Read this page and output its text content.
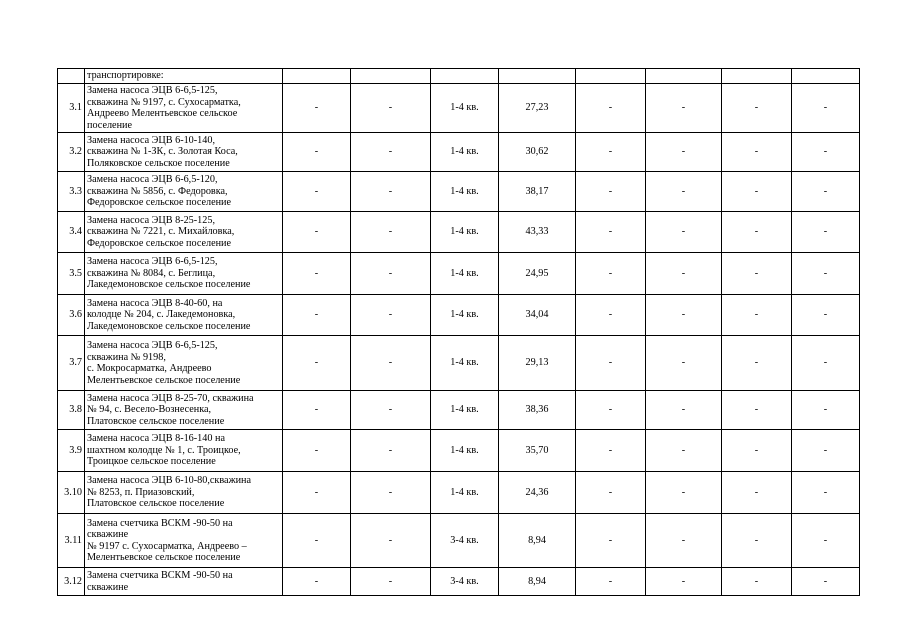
	транспортировке:								
3.1	Замена насоса ЭЦВ 6-6,5-125,
скважина № 9197, с. Сухосарматка,
Андреево Мелентьевское сельское
поселение	-	-	1-4 кв.	27,23	-	-	-	-
3.2	Замена насоса ЭЦВ 6-10-140,
скважина № 1-ЗК, с. Золотая Коса,
Поляковское сельское поселение	-	-	1-4 кв.	30,62	-	-	-	-
3.3	Замена насоса ЭЦВ 6-6,5-120,
скважина № 5856, с. Федоровка,
Федоровское сельское поселение	-	-	1-4 кв.	38,17	-	-	-	-
3.4	Замена насоса ЭЦВ 8-25-125,
скважина № 7221, с. Михайловка,
Федоровское сельское поселение	-	-	1-4 кв.	43,33	-	-	-	-
3.5	Замена насоса ЭЦВ 6-6,5-125,
скважина № 8084, с. Беглица,
Лакедемоновское сельское поселение	-	-	1-4 кв.	24,95	-	-	-	-
3.6	Замена насоса ЭЦВ 8-40-60, на
колодце № 204, с. Лакедемоновка,
Лакедемоновское сельское поселение	-	-	1-4 кв.	34,04	-	-	-	-
3.7	Замена насоса ЭЦВ 6-6,5-125,
скважина № 9198,
с. Мокросарматка, Андреево
Мелентьевское сельское поселение	-	-	1-4 кв.	29,13	-	-	-	-
3.8	Замена насоса ЭЦВ 8-25-70, скважина
№ 94, с. Весело-Вознесенка,
Платовское сельское поселение	-	-	1-4 кв.	38,36	-	-	-	-
3.9	Замена насоса ЭЦВ 8-16-140 на
шахтном колодце № 1, с. Троицкое,
Троицкое сельское поселение	-	-	1-4 кв.	35,70	-	-	-	-
3.10	Замена насоса ЭЦВ 6-10-80,скважина
№ 8253, п. Приазовский,
Платовское сельское поселение	-	-	1-4 кв.	24,36	-	-	-	-
3.11	Замена счетчика ВСКМ -90-50 на
скважине
№ 9197 с. Сухосарматка, Андреево –
Мелентьевское сельское поселение	-	-	3-4 кв.	8,94	-	-	-	-
3.12	Замена счетчика ВСКМ -90-50 на
скважине	-	-	3-4 кв.	8,94	-	-	-	-
